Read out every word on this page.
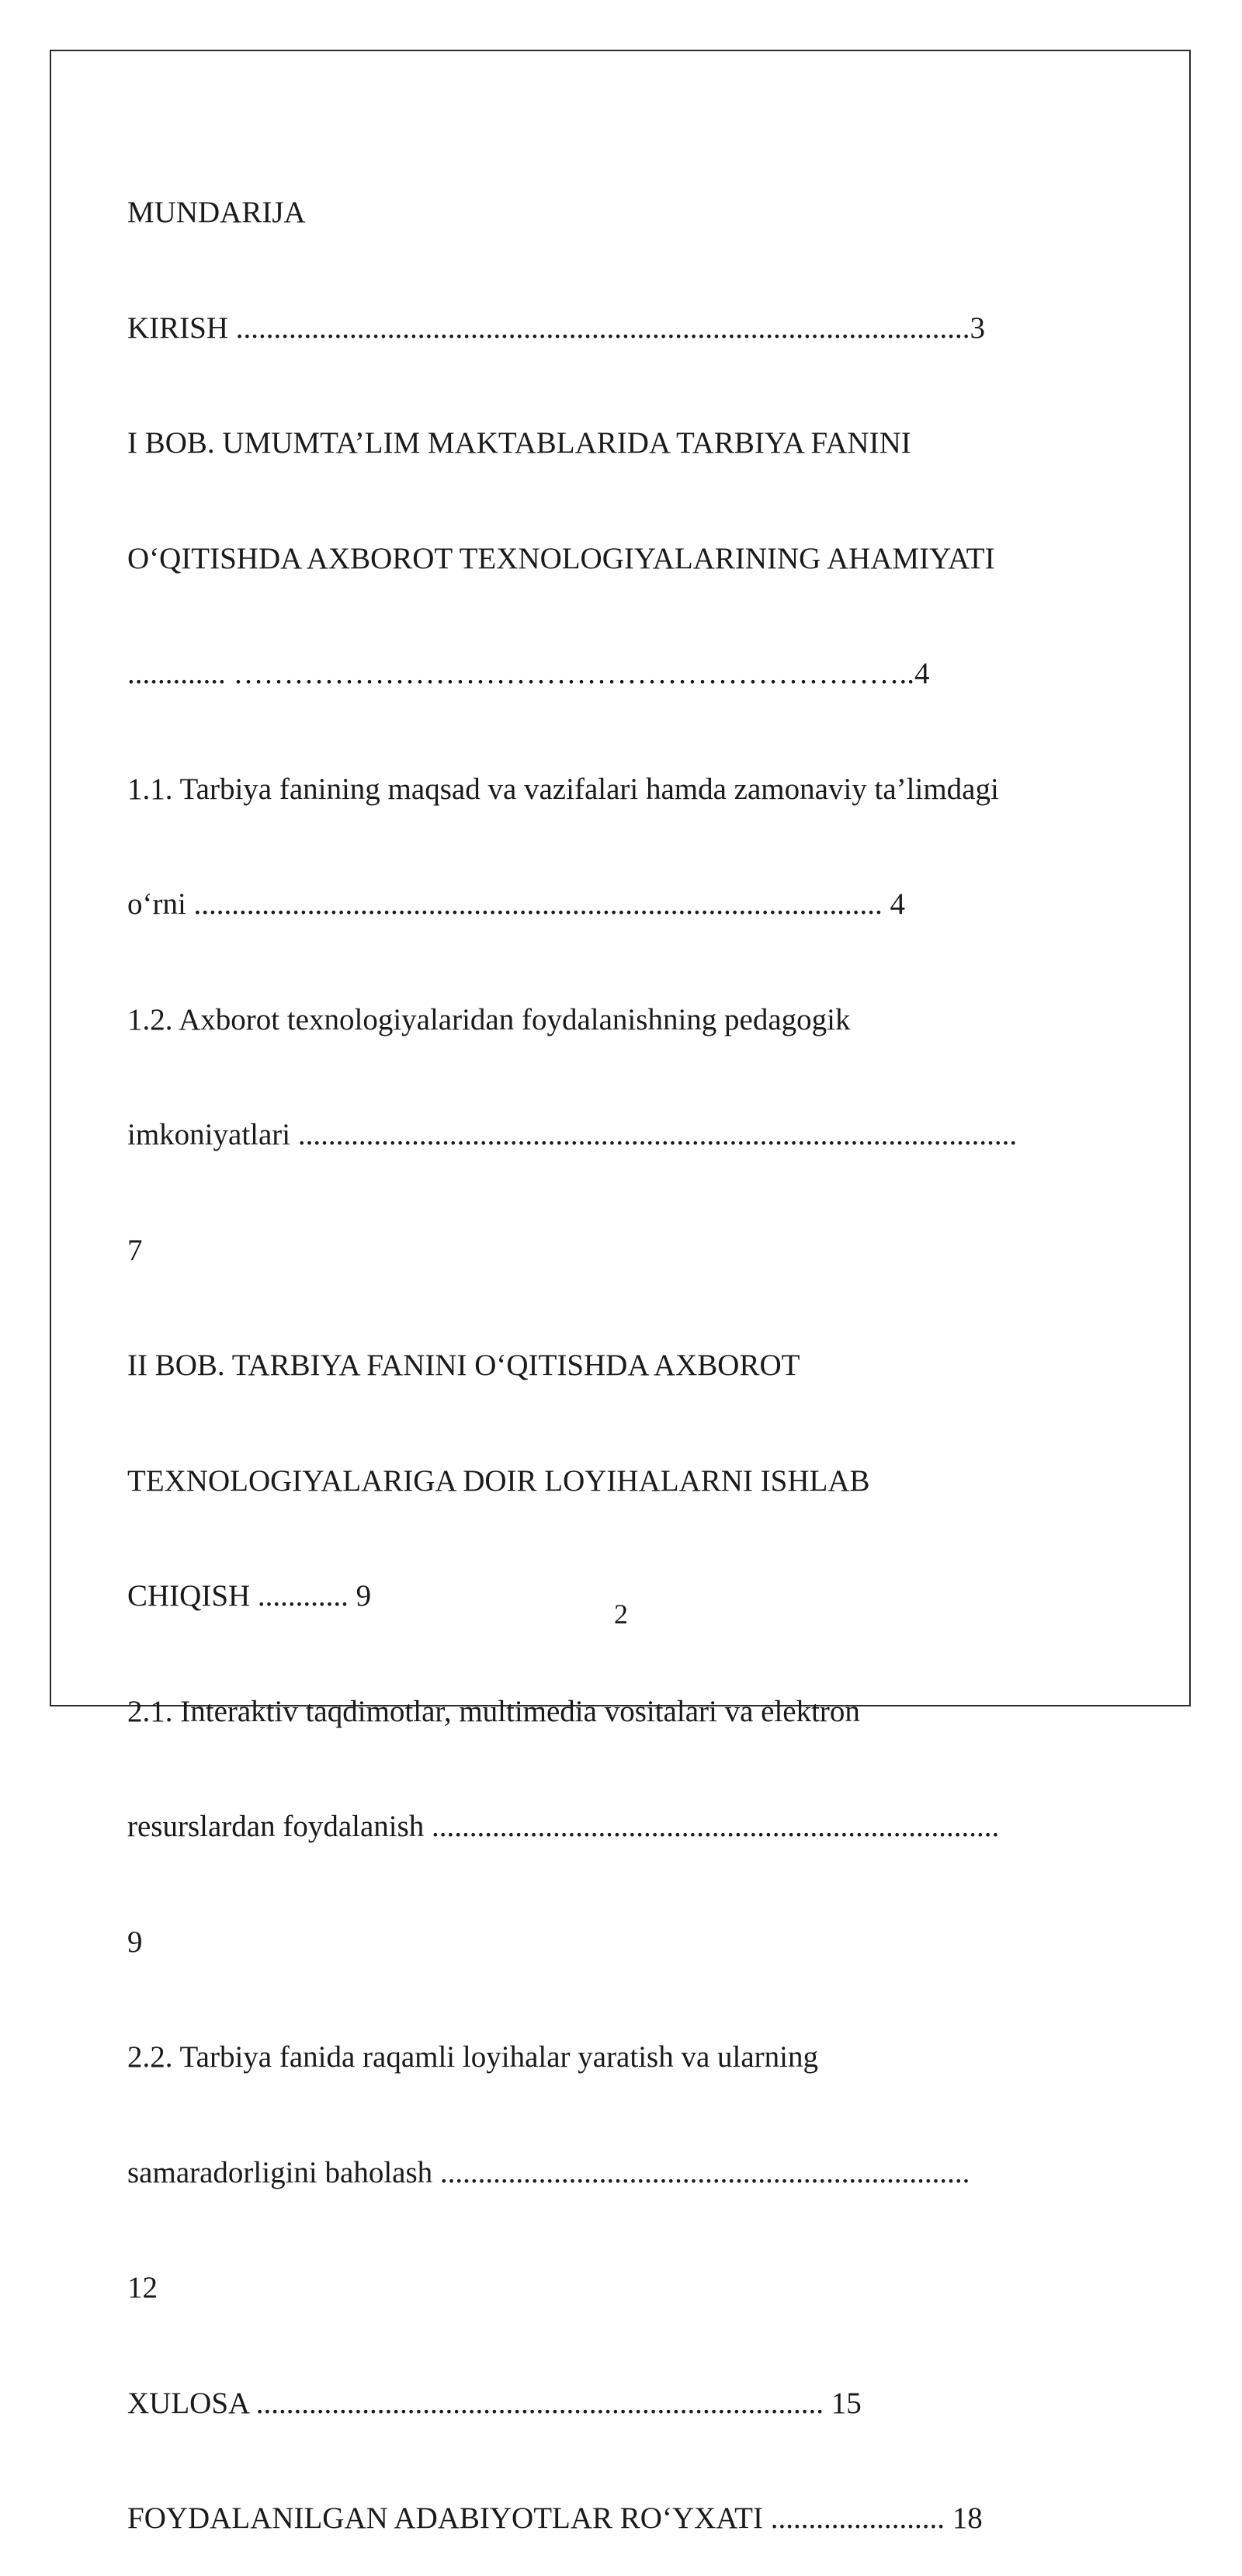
MUNDARIJA

KIRISH .................................................................................................3

I BOB. UMUMTA’LIM MAKTABLARIDA TARBIYA FANINI

O‘QITISHDA AXBOROT TEXNOLOGIYALARINING AHAMIYATI

............. …………………………………………………………..4

1.1. Tarbiya fanining maqsad va vazifalari hamda zamonaviy ta’limdagi

o‘rni ........................................................................................... 4

1.2. Axborot texnologiyalaridan foydalanishning pedagogik

imkoniyatlari ...............................................................................................

7

II BOB. TARBIYA FANINI O‘QITISHDA AXBOROT

TEXNOLOGIYALARIGA DOIR LOYIHALARNI ISHLAB

CHIQISH ............ 9

2.1. Interaktiv taqdimotlar, multimedia vositalari va elektron

resurslardan foydalanish ...........................................................................

9

2.2. Tarbiya fanida raqamli loyihalar yaratish va ularning

samaradorligini baholash ......................................................................

12

XULOSA ........................................................................... 15

FOYDALANILGAN ADABIYOTLAR RO‘YXATI ....................... 18

2
